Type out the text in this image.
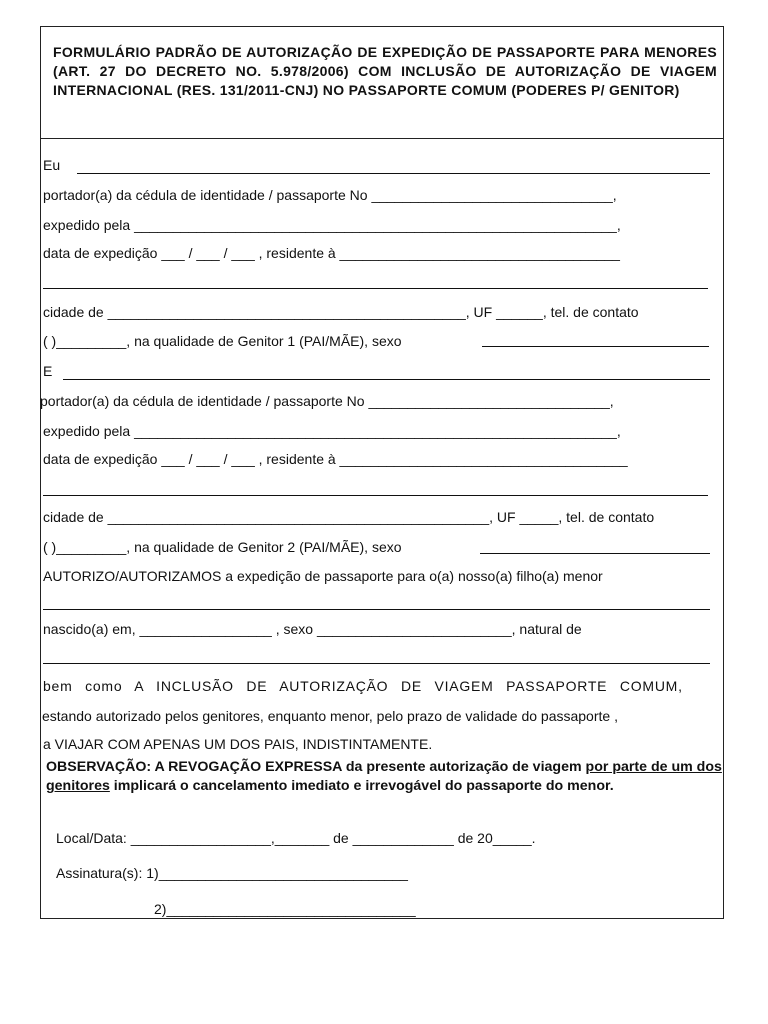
FORMULÁRIO PADRÃO DE AUTORIZAÇÃO DE EXPEDIÇÃO DE PASSAPORTE PARA MENORES (ART. 27 DO DECRETO NO. 5.978/2006) COM INCLUSÃO DE AUTORIZAÇÃO DE VIAGEM INTERNACIONAL (RES. 131/2011-CNJ) NO PASSAPORTE COMUM (PODERES P/ GENITOR)
Eu
portador(a) da cédula de identidade / passaporte No _______________________________,
expedido pela ______________________________________________________________,
data de expedição ___ / ___ / ___ , residente à ____________________________________
cidade de ______________________________________________, UF ______, tel. de contato
( )_________, na qualidade de Genitor 1 (PAI/MÃE), sexo
E
portador(a) da cédula de identidade / passaporte No _______________________________,
expedido pela ______________________________________________________________,
data de expedição ___ / ___ / ___ , residente à _____________________________________
cidade de _________________________________________________, UF _____, tel. de contato
( )_________, na qualidade de Genitor 2 (PAI/MÃE), sexo
AUTORIZO/AUTORIZAMOS a expedição de passaporte para o(a) nosso(a) filho(a) menor
nascido(a) em, _________________ , sexo _________________________, natural de
bem como A INCLUSÃO DE AUTORIZAÇÃO DE VIAGEM PASSAPORTE COMUM,
estando autorizado pelos genitores, enquanto menor, pelo prazo de validade do passaporte ,
a VIAJAR COM APENAS UM DOS PAIS, INDISTINTAMENTE.
OBSERVAÇÃO: A REVOGAÇÃO EXPRESSA da presente autorização de viagem por parte de um dos genitores implicará o cancelamento imediato e irrevogável do passaporte do menor.
Local/Data: __________________,_______ de _____________ de 20_____.
Assinatura(s): 1)________________________________
2)________________________________
